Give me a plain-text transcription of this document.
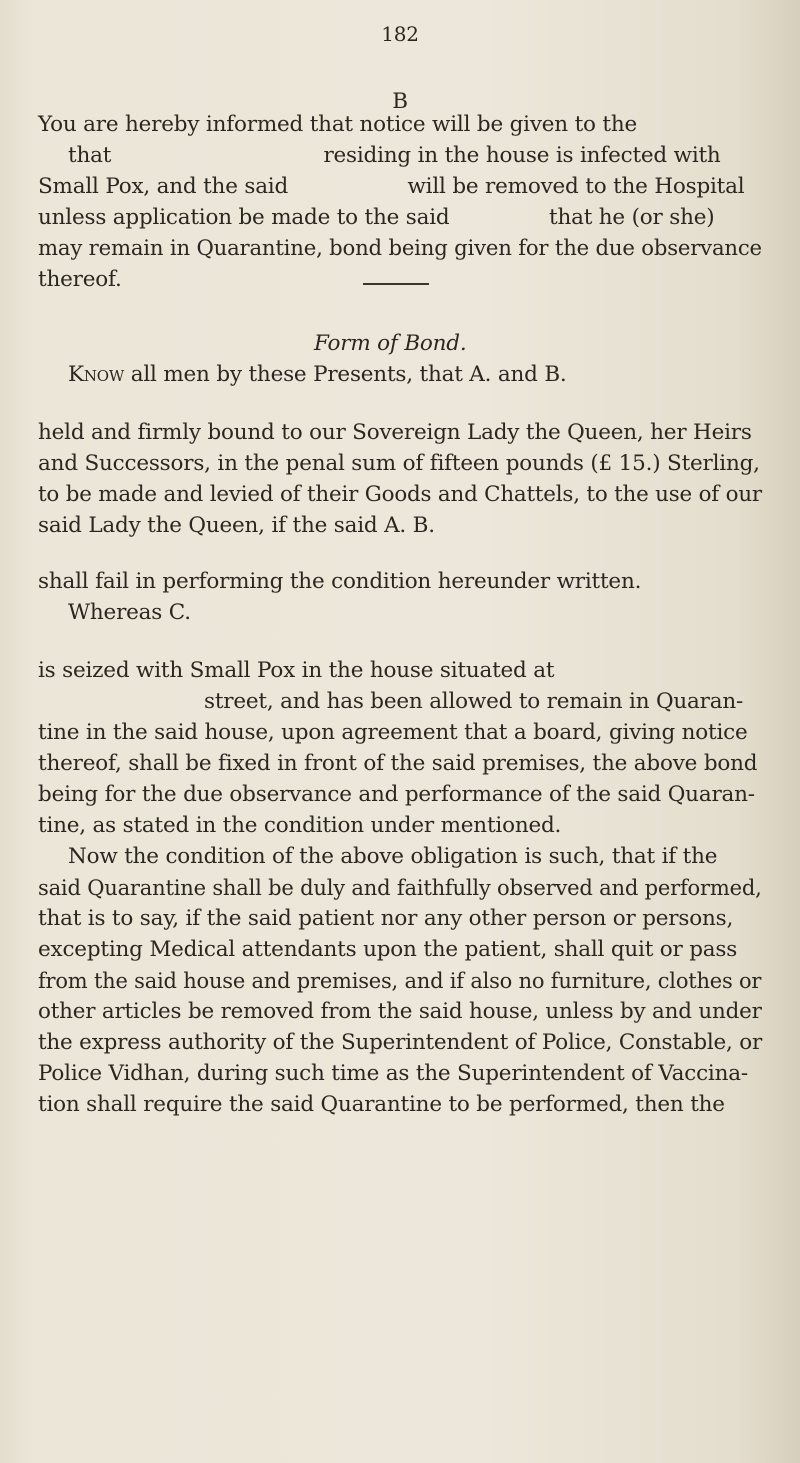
182
B
You are hereby informed that notice will be given to the
that                                residing in the house is infected with
Small Pox, and the said                  will be removed to the Hospital
unless application be made to the said               that he (or she)
may remain in Quarantine, bond being given for the due observance
thereof.
Form of Bond.
Know all men by these Presents, that A. and B.
held and firmly bound to our Sovereign Lady the Queen, her Heirs
and Successors, in the penal sum of fifteen pounds (£ 15.) Sterling,
to be made and levied of their Goods and Chattels, to the use of our
said Lady the Queen, if the said A. B.
shall fail in performing the condition hereunder written.
Whereas C.
is seized with Small Pox in the house situated at
street, and has been allowed to remain in Quaran-
tine in the said house, upon agreement that a board, giving notice
thereof, shall be fixed in front of the said premises, the above bond
being for the due observance and performance of the said Quaran-
tine, as stated in the condition under mentioned.
Now the condition of the above obligation is such, that if the
said Quarantine shall be duly and faithfully observed and performed,
that is to say, if the said patient nor any other person or persons,
excepting Medical attendants upon the patient, shall quit or pass
from the said house and premises, and if also no furniture, clothes or
other articles be removed from the said house, unless by and under
the express authority of the Superintendent of Police, Constable, or
Police Vidhan, during such time as the Superintendent of Vaccina-
tion shall require the said Quarantine to be performed, then the
